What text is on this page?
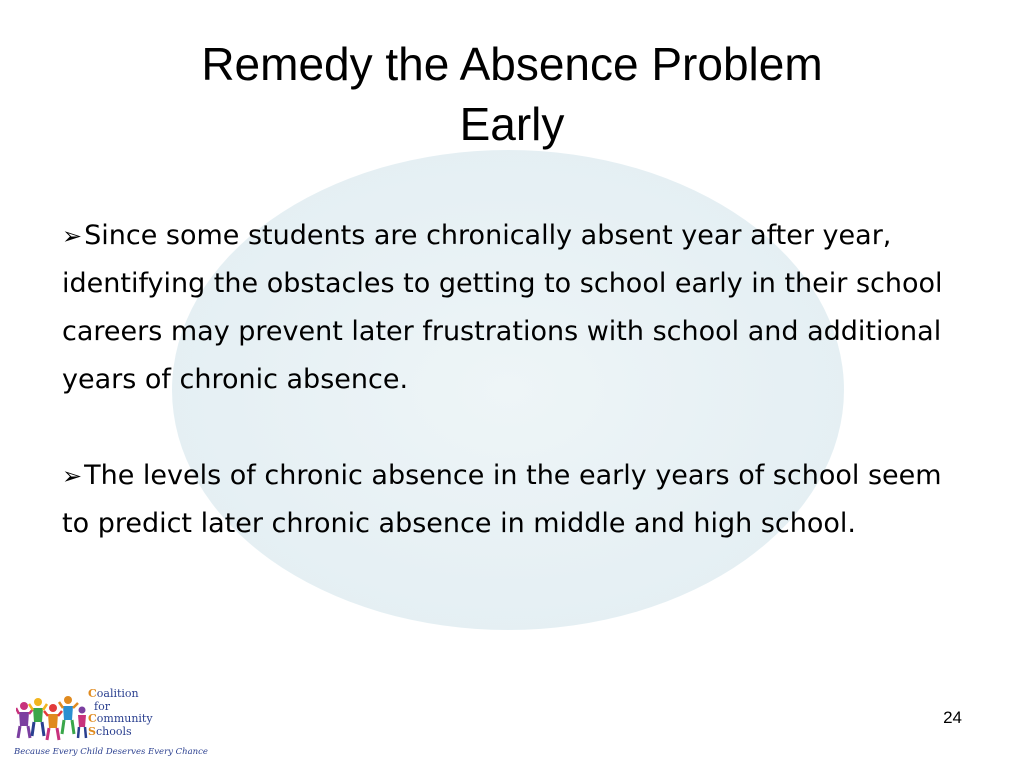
Remedy the Absence Problem
Early

➢Since some students are chronically absent year after year, identifying the obstacles to getting to school early in their school careers may prevent later frustrations with school and additional years of chronic absence.

➢The levels of chronic absence in the early years of school seem to predict later chronic absence in middle and high school.

Coalition
for
Community
Schools
Because Every Child Deserves Every Chance
24
